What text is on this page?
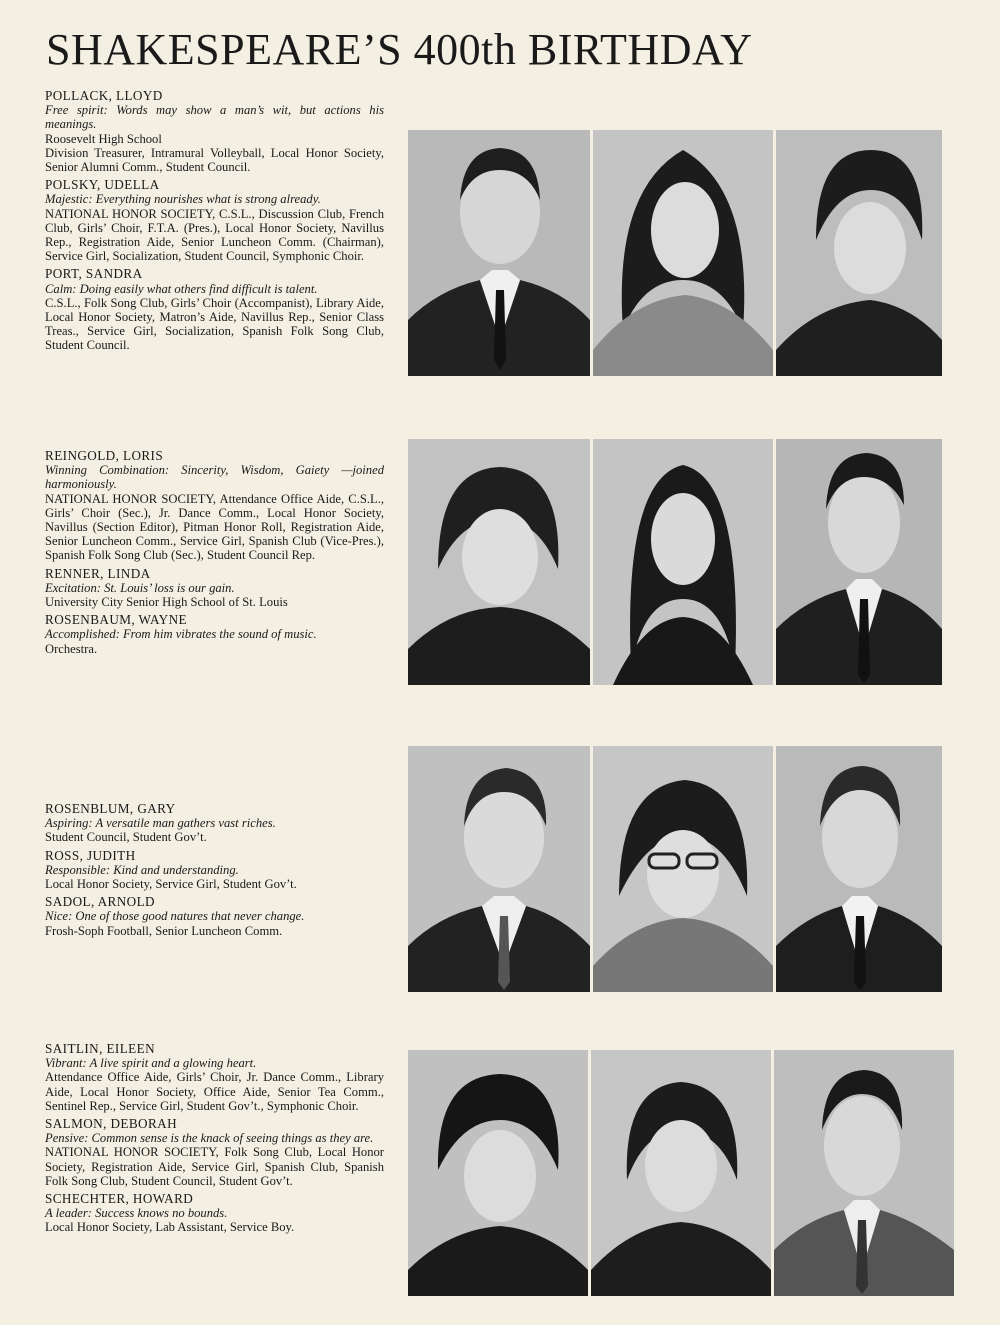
SHAKESPEARE’S 400th BIRTHDAY
POLLACK, LLOYD
Free spirit: Words may show a man’s wit, but actions his meanings.
Roosevelt High School
Division Treasurer, Intramural Volleyball, Local Honor Society, Senior Alumni Comm., Student Council.
POLSKY, UDELLA
Majestic: Everything nourishes what is strong already.
NATIONAL HONOR SOCIETY, C.S.L., Discussion Club, French Club, Girls’ Choir, F.T.A. (Pres.), Local Honor Society, Navillus Rep., Registration Aide, Senior Luncheon Comm. (Chairman), Service Girl, Socialization, Student Council, Symphonic Choir.
PORT, SANDRA
Calm: Doing easily what others find difficult is talent.
C.S.L., Folk Song Club, Girls’ Choir (Accompanist), Library Aide, Local Honor Society, Matron’s Aide, Navillus Rep., Senior Class Treas., Service Girl, Socialization, Spanish Folk Song Club, Student Council.
REINGOLD, LORIS
Winning Combination: Sincerity, Wisdom, Gaiety —joined harmoniously.
NATIONAL HONOR SOCIETY, Attendance Office Aide, C.S.L., Girls’ Choir (Sec.), Jr. Dance Comm., Local Honor Society, Navillus (Section Editor), Pitman Honor Roll, Registration Aide, Senior Luncheon Comm., Service Girl, Spanish Club (Vice-Pres.), Spanish Folk Song Club (Sec.), Student Council Rep.
RENNER, LINDA
Excitation: St. Louis’ loss is our gain.
University City Senior High School of St. Louis
ROSENBAUM, WAYNE
Accomplished: From him vibrates the sound of music.
Orchestra.
ROSENBLUM, GARY
Aspiring: A versatile man gathers vast riches.
Student Council, Student Gov’t.
ROSS, JUDITH
Responsible: Kind and understanding.
Local Honor Society, Service Girl, Student Gov’t.
SADOL, ARNOLD
Nice: One of those good natures that never change.
Frosh-Soph Football, Senior Luncheon Comm.
SAITLIN, EILEEN
Vibrant: A live spirit and a glowing heart.
Attendance Office Aide, Girls’ Choir, Jr. Dance Comm., Library Aide, Local Honor Society, Office Aide, Senior Tea Comm., Sentinel Rep., Service Girl, Student Gov’t., Symphonic Choir.
SALMON, DEBORAH
Pensive: Common sense is the knack of seeing things as they are.
NATIONAL HONOR SOCIETY, Folk Song Club, Local Honor Society, Registration Aide, Service Girl, Spanish Club, Spanish Folk Song Club, Student Council, Student Gov’t.
SCHECHTER, HOWARD
A leader: Success knows no bounds.
Local Honor Society, Lab Assistant, Service Boy.
